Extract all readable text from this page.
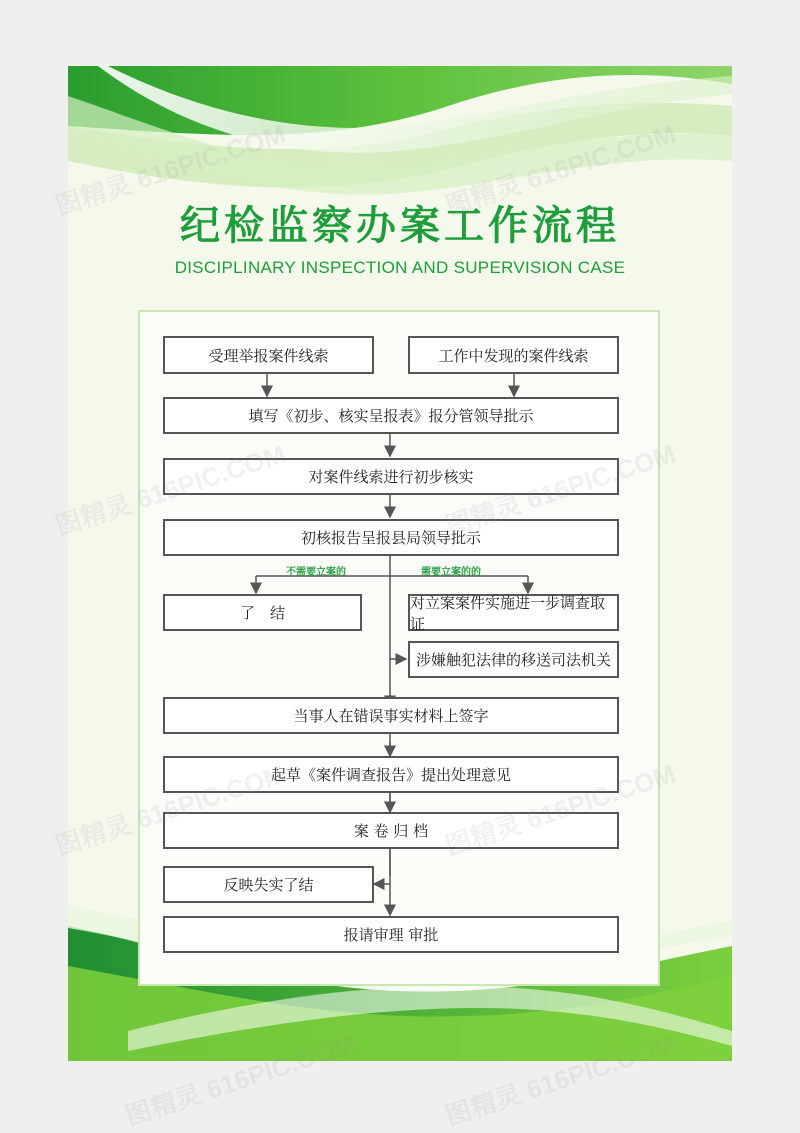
纪检监察办案工作流程
DISCIPLINARY INSPECTION AND SUPERVISION CASE
不需要立案的	需要立案的的
受理举报案件线索	工作中发现的案件线索
填写《初步、核实呈报表》报分管领导批示
对案件线索进行初步核实
初核报告呈报县局领导批示
了　结
对立案案件实施进一步调查取证
涉嫌触犯法律的移送司法机关
当事人在错误事实材料上签字
起草《案件调查报告》提出处理意见
案 卷 归 档
反映失实了结
报请审理 审批
图精灵 616PIC.COM	图精灵 616PIC.COM
